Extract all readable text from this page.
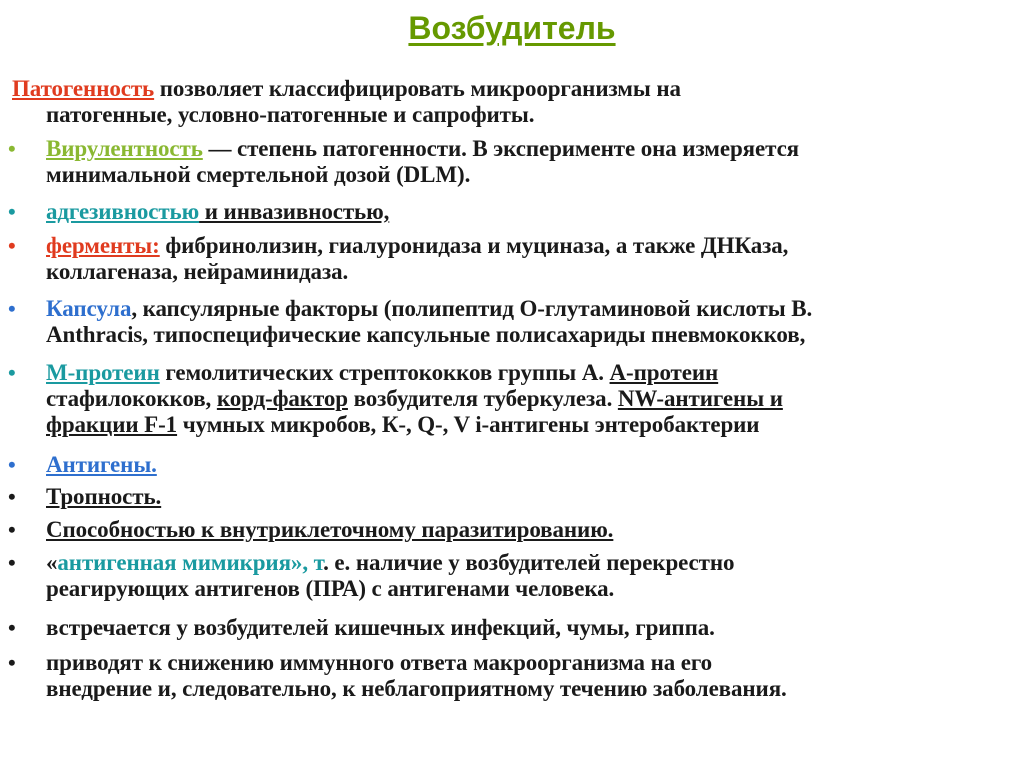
Возбудитель

Патогенность позволяет классифицировать микроорганизмы на
патогенные, условно-патогенные и сапрофиты.

• Вирулентность — степень патогенности. В эксперименте она измеряется
минимальной смертельной дозой (DLM).

• адгезивностью и инвазивностью,

• ферменты: фибринолизин, гиалуронидаза и муциназа, а также ДНКаза,
коллагеназа, нейраминидаза.

• Капсула, капсулярные факторы (полипептид О-глутаминовой кислоты В.
Anthracis, типоспецифические капсульные полисахариды пневмококков,

• М-протеин гемолитических стрептококков группы А. А-протеин
стафилококков, корд-фактор возбудителя туберкулеза. NW-антигены и
фракции F-1 чумных микробов, К-, Q-, V i-антигены энтеробактерии

• Антигены.

• Тропность.

• Способностью к внутриклеточному паразитированию.

• «антигенная мимикрия», т. е. наличие у возбудителей перекрестно
реагирующих антигенов (ПРА) с антигенами человека.

• встречается у возбудителей кишечных инфекций, чумы, гриппа.

• приводят к снижению иммунного ответа макроорганизма на его
внедрение и, следовательно, к неблагоприятному течению заболевания.
